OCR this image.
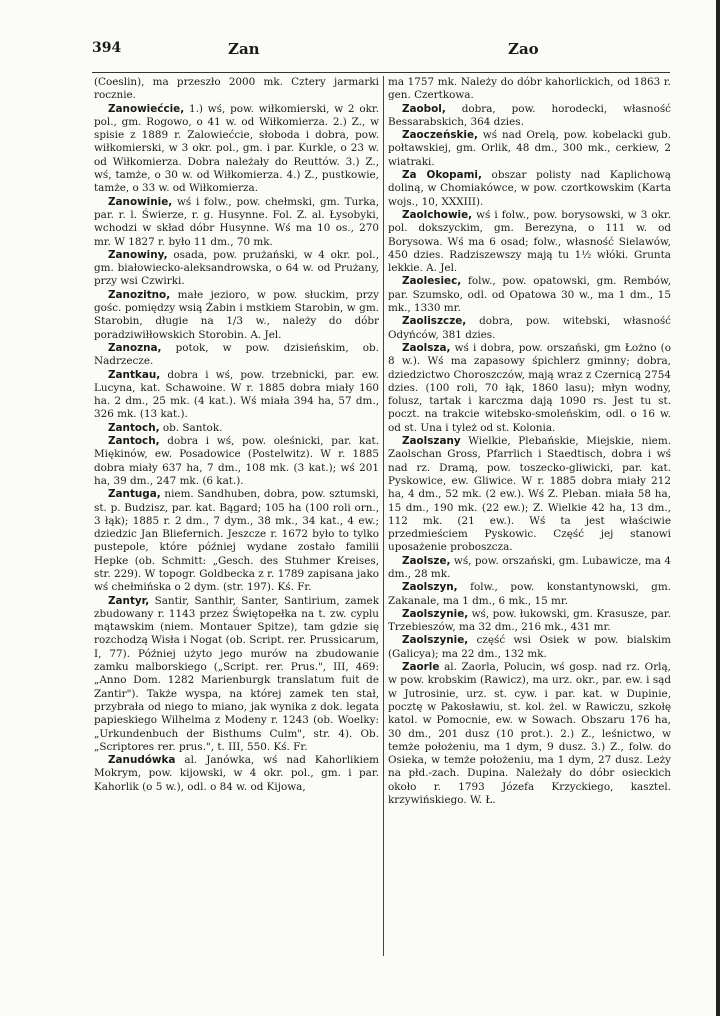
394	Zan	Zao

(Coeslin), ma przeszło 2000 mk. Cztery jarmarki rocznie.

Zanowiećcie, 1.) wś, pow. wiłkomierski, w 2 okr. pol., gm. Rogowo, o 41 w. od Wiłkomierza. 2.) Z., w spisie z 1889 r. Zalowiećcie, słoboda i dobra, pow. wiłkomierski, w 3 okr. pol., gm. i par. Kurkle, o 23 w. od Wiłkomierza. Dobra należały do Reuttów. 3.) Z., wś, tamże, o 30 w. od Wiłkomierza. 4.) Z., pustkowie, tamże, o 33 w. od Wiłkomierza.

Zanowinie, wś i folw., pow. chełmski, gm. Turka, par. r. l. Świerze, r. g. Husynne. Fol. Z. al. Łysobyki, wchodzi w skład dóbr Husynne. Wś ma 10 os., 270 mr. W 1827 r. było 11 dm., 70 mk.

Zanowiny, osada, pow. prużański, w 4 okr. pol., gm. białowiecko-aleksandrowska, o 64 w. od Prużany, przy wsi Czwirki.

Zanozitno, małe jezioro, w pow. słuckim, przy gośc. pomiędzy wsią Żabin i mstkiem Starobin, w gm. Starobin, długie na 1/3 w., należy do dóbr poradziwiłłowskich Storobin. A. Jel.

Zanozna, potok, w pow. dzisieńskim, ob. Nadrzecze.

Zantkau, dobra i wś, pow. trzebnicki, par. ew. Lucyna, kat. Schawoine. W r. 1885 dobra miały 160 ha. 2 dm., 25 mk. (4 kat.). Wś miała 394 ha, 57 dm., 326 mk. (13 kat.).

Zantoch, ob. Santok.

Zantoch, dobra i wś, pow. oleśnicki, par. kat. Miękinów, ew. Posadowice (Postelwitz). W r. 1885 dobra miały 637 ha, 7 dm., 108 mk. (3 kat.); wś 201 ha, 39 dm., 247 mk. (6 kat.).

Zantuga, niem. Sandhuben, dobra, pow. sztumski, st. p. Budzisz, par. kat. Bągard; 105 ha (100 roli orn., 3 łąk); 1885 r. 2 dm., 7 dym., 38 mk., 34 kat., 4 ew.; dziedzic Jan Bliefernich. Jeszcze r. 1672 było to tylko pustepole, które później wydane zostało familii Hepke (ob. Schmitt: „Gesch. des Stuhmer Kreises, str. 229). W topogr. Goldbecka z r. 1789 zapisana jako wś chełmińska o 2 dym. (str. 197). Kś. Fr.

Zantyr, Santir, Santhir, Santer, Santirium, zamek zbudowany r. 1143 przez Świętopełka na t. zw. cyplu mątawskim (niem. Montauer Spitze), tam gdzie się rozchodzą Wisła i Nogat (ob. Script. rer. Prussicarum, I, 77). Później użyto jego murów na zbudowanie zamku malborskiego („Script. rer. Prus.", III, 469: „Anno Dom. 1282 Marienburgk translatum fuit de Zantir"). Także wyspa, na której zamek ten stał, przybrała od niego to miano, jak wynika z dok. legata papieskiego Wilhelma z Modeny r. 1243 (ob. Woelky: „Urkundenbuch der Bisthums Culm", str. 4). Ob. „Scriptores rer. prus.", t. III, 550. Kś. Fr.

Zanudówka al. Janówka, wś nad Kahorlikiem Mokrym, pow. kijowski, w 4 okr. pol., gm. i par. Kahorlik (o 5 w.), odl. o 84 w. od Kijowa,

ma 1757 mk. Należy do dóbr kahorlickich, od 1863 r. gen. Czertkowa.

Zaobol, dobra, pow. horodecki, własność Bessarabskich, 364 dzies.

Zaoczeńskie, wś nad Orelą, pow. kobelacki gub. połtawskiej, gm. Orlik, 48 dm., 300 mk., cerkiew, 2 wiatraki.

Za Okopami, obszar polisty nad Kaplichową doliną, w Chomiakówce, w pow. czortkowskim (Karta wojs., 10, XXXIII).

Zaolchowie, wś i folw., pow. borysowski, w 3 okr. pol. dokszyckim, gm. Berezyna, o 111 w. od Borysowa. Wś ma 6 osad; folw., własność Sielawów, 450 dzies. Radziszewszy mają tu 1½ włóki. Grunta lekkie. A. Jel.

Zaolesiec, folw., pow. opatowski, gm. Rembów, par. Szumsko, odl. od Opatowa 30 w., ma 1 dm., 15 mk., 1330 mr.

Zaoliszcze, dobra, pow. witebski, własność Odyńców, 381 dzies.

Zaolsza, wś i dobra, pow. orszański, gm Łożno (o 8 w.). Wś ma zapasowy śpichlerz gminny; dobra, dziedzictwo Choroszczów, mają wraz z Czernicą 2754 dzies. (100 roli, 70 łąk, 1860 lasu); młyn wodny, folusz, tartak i karczma dają 1090 rs. Jest tu st. poczt. na trakcie witebsko-smoleńskim, odl. o 16 w. od st. Una i tyleż od st. Kolonia.

Zaolszany Wielkie, Plebańskie, Miejskie, niem. Zaolschan Gross, Pfarrlich i Staedtisch, dobra i wś nad rz. Dramą, pow. toszecko-gliwicki, par. kat. Pyskowice, ew. Gliwice. W r. 1885 dobra miały 212 ha, 4 dm., 52 mk. (2 ew.). Wś Z. Pleban. miała 58 ha, 15 dm., 190 mk. (22 ew.); Z. Wielkie 42 ha, 13 dm., 112 mk. (21 ew.). Wś ta jest właściwie przedmieściem Pyskowic. Część jej stanowi uposażenie proboszcza.

Zaolsze, wś, pow. orszański, gm. Lubawicze, ma 4 dm., 28 mk.

Zaolszyn, folw., pow. konstantynowski, gm. Zakanale, ma 1 dm., 6 mk., 15 mr.

Zaolszynie, wś, pow. łukowski, gm. Krasusze, par. Trzebieszów, ma 32 dm., 216 mk., 431 mr.

Zaolszynie, część wsi Osiek w pow. bialskim (Galicya); ma 22 dm., 132 mk.

Zaorle al. Zaorla, Polucin, wś gosp. nad rz. Orlą, w pow. krobskim (Rawicz), ma urz. okr., par. ew. i sąd w Jutrosinie, urz. st. cyw. i par. kat. w Dupinie, pocztę w Pakosławiu, st. kol. żel. w Rawiczu, szkołę katol. w Pomocnie, ew. w Sowach. Obszaru 176 ha, 30 dm., 201 dusz (10 prot.). 2.) Z., leśnictwo, w temże położeniu, ma 1 dym, 9 dusz. 3.) Z., folw. do Osieka, w temże położeniu, ma 1 dym, 27 dusz. Leży na płd.-zach. Dupina. Należały do dóbr osieckich około r. 1793 Józefa Krzyckiego, kasztel. krzywińskiego. W. Ł.
